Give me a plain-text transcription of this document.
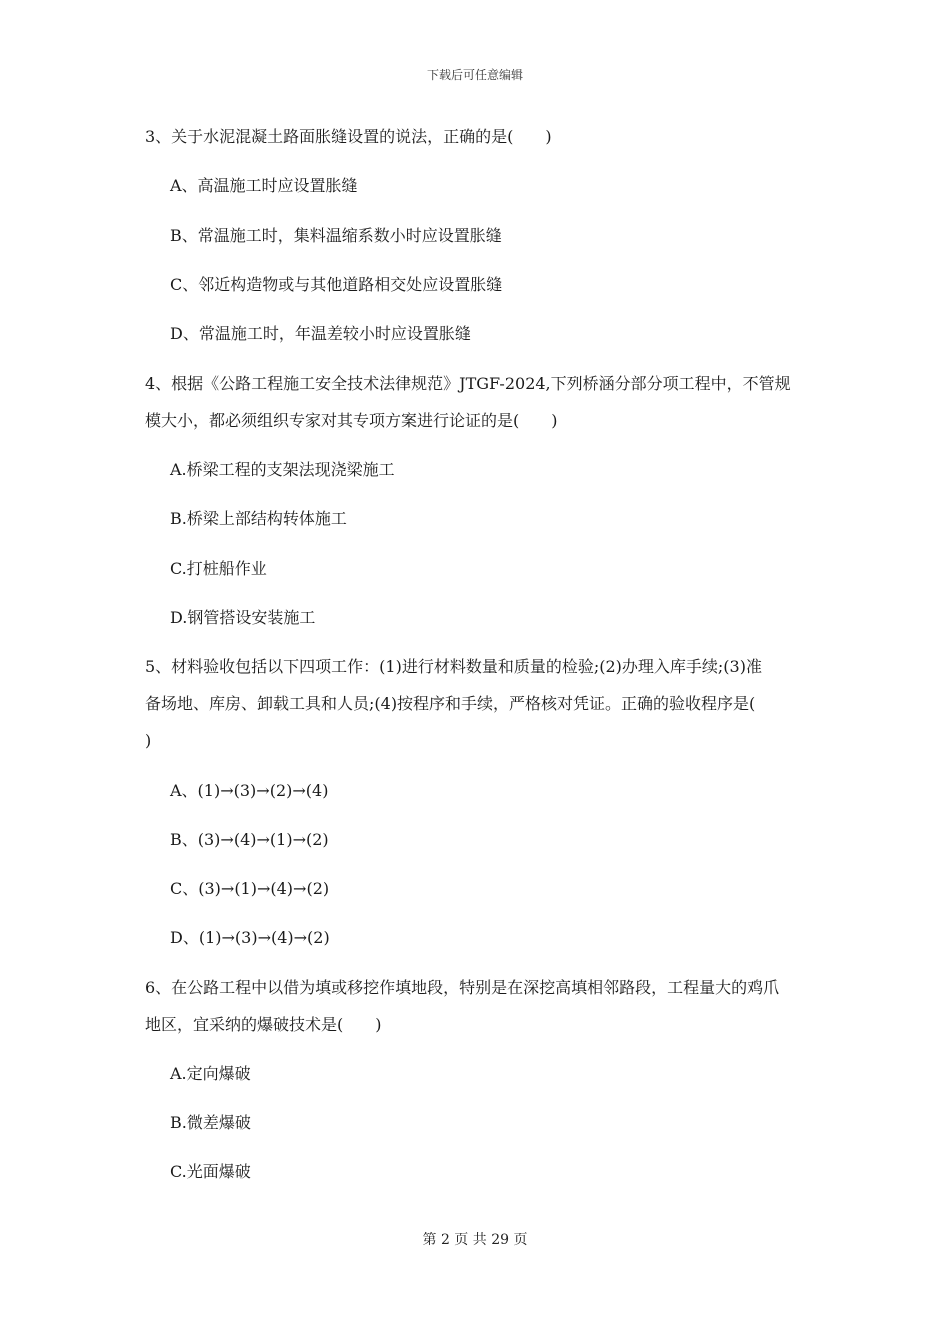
下载后可任意编辑
3、关于水泥混凝土路面胀缝设置的说法，正确的是(　　)
A、高温施工时应设置胀缝
B、常温施工时，集料温缩系数小时应设置胀缝
C、邻近构造物或与其他道路相交处应设置胀缝
D、常温施工时，年温差较小时应设置胀缝
4、根据《公路工程施工安全技术法律规范》JTGF-2024,下列桥涵分部分项工程中，不管规
模大小，都必须组织专家对其专项方案进行论证的是(　　)
A.桥梁工程的支架法现浇梁施工
B.桥梁上部结构转体施工
C.打桩船作业
D.钢管搭设安装施工
5、材料验收包括以下四项工作：(1)进行材料数量和质量的检验;(2)办理入库手续;(3)准
备场地、库房、卸载工具和人员;(4)按程序和手续，严格核对凭证。正确的验收程序是(
)
A、(1)→(3)→(2)→(4)
B、(3)→(4)→(1)→(2)
C、(3)→(1)→(4)→(2)
D、(1)→(3)→(4)→(2)
6、在公路工程中以借为填或移挖作填地段，特别是在深挖高填相邻路段，工程量大的鸡爪
地区，宜采纳的爆破技术是(　　)
A.定向爆破
B.微差爆破
C.光面爆破
第 2 页 共 29 页
